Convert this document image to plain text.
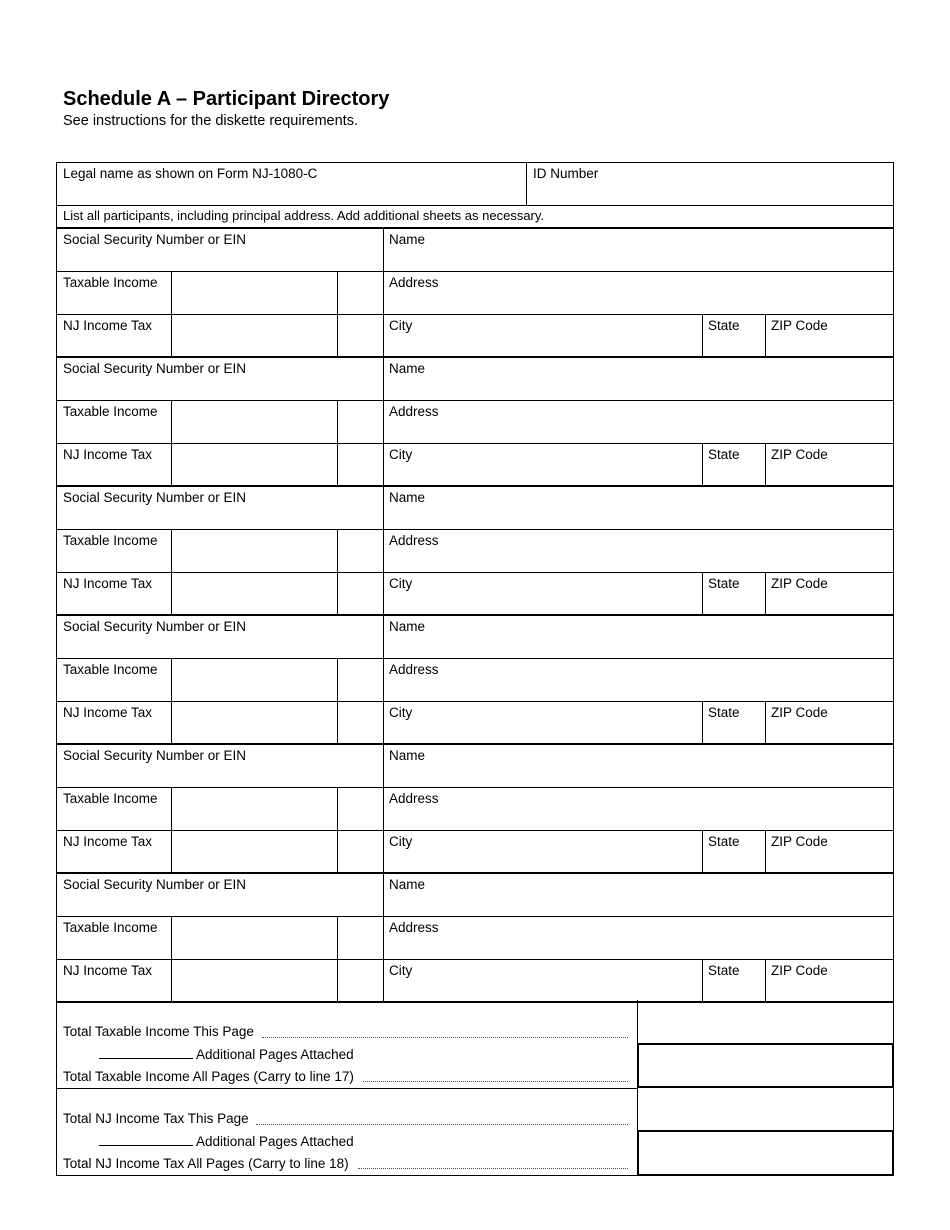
Schedule A – Participant Directory
See instructions for the diskette requirements.
Legal name as shown on Form NJ-1080-C	ID Number
List all participants, including principal address. Add additional sheets as necessary.
Social Security Number or EIN	Name
Taxable Income	Address
NJ Income Tax	City	State ZIP Code
Social Security Number or EIN	Name
Taxable Income	Address
NJ Income Tax	City	State ZIP Code
Social Security Number or EIN	Name
Taxable Income	Address
NJ Income Tax	City	State ZIP Code
Social Security Number or EIN	Name
Taxable Income	Address
NJ Income Tax	City	State ZIP Code
Social Security Number or EIN	Name
Taxable Income	Address
NJ Income Tax	City	State ZIP Code
Social Security Number or EIN	Name
Taxable Income	Address
NJ Income Tax	City	State ZIP Code
Total Taxable Income This Page
Additional Pages Attached
Total Taxable Income All Pages (Carry to line 17)
Total NJ Income Tax This Page
Additional Pages Attached
Total NJ Income Tax All Pages (Carry to line 18)
